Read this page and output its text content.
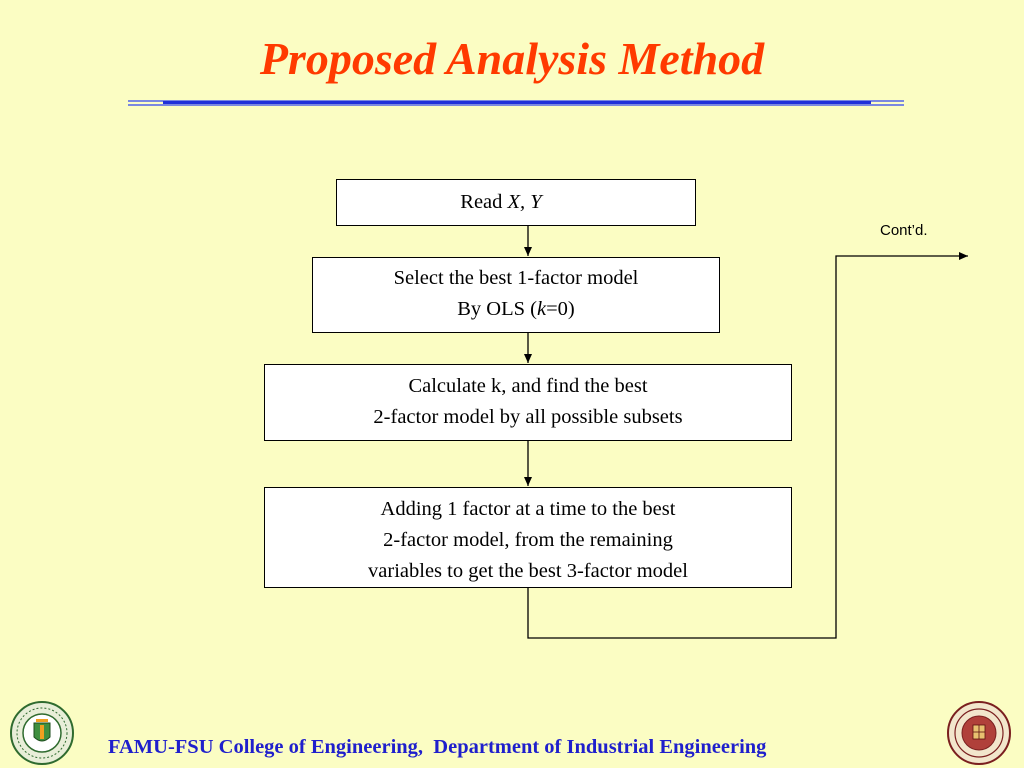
Proposed Analysis Method
Read X, Y
Select the best 1-factor model
By OLS (k=0)
Calculate k, and find the best
2-factor model by all possible subsets
Adding 1 factor at a time to the best
2-factor model, from the remaining
variables to get the best 3-factor model
Cont’d.
FAMU-FSU College of Engineering,  Department of Industrial Engineering
